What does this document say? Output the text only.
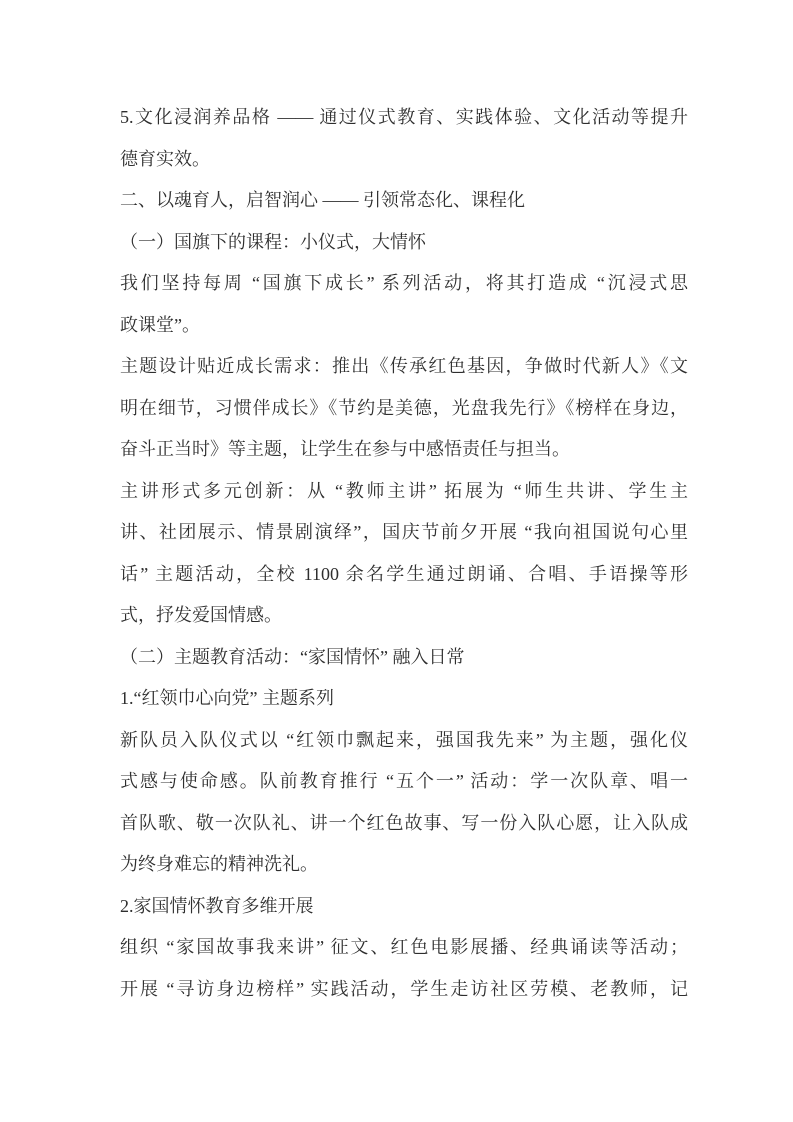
5.文化浸润养品格 —— 通过仪式教育、实践体验、文化活动等提升
德育实效。
二、以魂育人，启智润心 —— 引领常态化、课程化
（一）国旗下的课程：小仪式，大情怀
我们坚持每周 “国旗下成长” 系列活动，将其打造成 “沉浸式思
政课堂”。
主题设计贴近成长需求：推出《传承红色基因，争做时代新人》《文
明在细节，习惯伴成长》《节约是美德，光盘我先行》《榜样在身边，
奋斗正当时》等主题，让学生在参与中感悟责任与担当。
主讲形式多元创新：从 “教师主讲” 拓展为 “师生共讲、学生主
讲、社团展示、情景剧演绎”，国庆节前夕开展 “我向祖国说句心里
话” 主题活动，全校 1100 余名学生通过朗诵、合唱、手语操等形
式，抒发爱国情感。
（二）主题教育活动：“家国情怀” 融入日常
1.“红领巾心向党” 主题系列
新队员入队仪式以 “红领巾飘起来，强国我先来” 为主题，强化仪
式感与使命感。队前教育推行 “五个一” 活动：学一次队章、唱一
首队歌、敬一次队礼、讲一个红色故事、写一份入队心愿，让入队成
为终身难忘的精神洗礼。
2.家国情怀教育多维开展
组织 “家国故事我来讲” 征文、红色电影展播、经典诵读等活动；
开展 “寻访身边榜样” 实践活动，学生走访社区劳模、老教师，记
